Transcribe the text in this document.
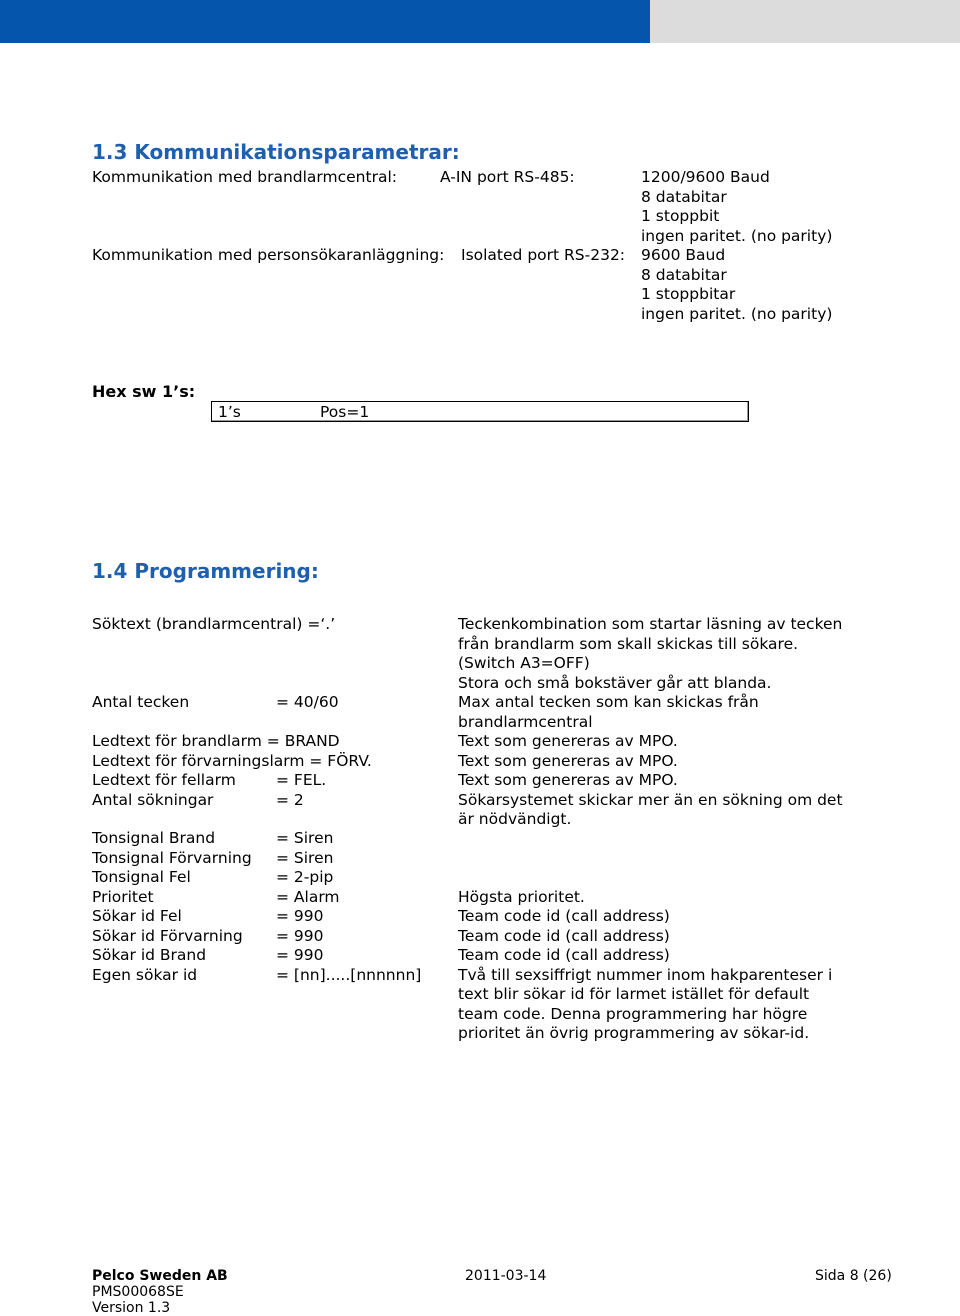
1.3 Kommunikationsparametrar:
Kommunikation med brandlarmcentral:	A-IN port RS-485:	1200/9600 Baud
8 databitar
1 stoppbit
ingen paritet. (no parity)
Kommunikation med personsökaranläggning: Isolated port RS-232: 9600 Baud
8 databitar
1 stoppbitar
ingen paritet. (no parity)
Hex sw 1’s:
1’s	Pos=1
1.4 Programmering:
Söktext (brandlarmcentral) =‘.’	Teckenkombination som startar läsning av tecken
från brandlarm som skall skickas till sökare.
(Switch A3=OFF)
Stora och små bokstäver går att blanda.
Antal tecken	= 40/60	Max antal tecken som kan skickas från
brandlarmcentral
Ledtext för brandlarm = BRAND	Text som genereras av MPO.
Ledtext för förvarningslarm = FÖRV.	Text som genereras av MPO.
Ledtext för fellarm	= FEL.	Text som genereras av MPO.
Antal sökningar	= 2	Sökarsystemet skickar mer än en sökning om det
är nödvändigt.
Tonsignal Brand	= Siren
Tonsignal Förvarning = Siren
Tonsignal Fel	= 2-pip
Prioritet	= Alarm	Högsta prioritet.
Sökar id Fel	= 990	Team code id (call address)
Sökar id Förvarning = 990	Team code id (call address)
Sökar id Brand	= 990	Team code id (call address)
Egen sökar id	= [nn].....[nnnnnn] Två till sexsiffrigt nummer inom hakparenteser i
text blir sökar id för larmet istället för default
team code. Denna programmering har högre
prioritet än övrig programmering av sökar-id.
Pelco Sweden AB
PMS00068SE
Version 1.3
2011-03-14	Sida 8 (26)
